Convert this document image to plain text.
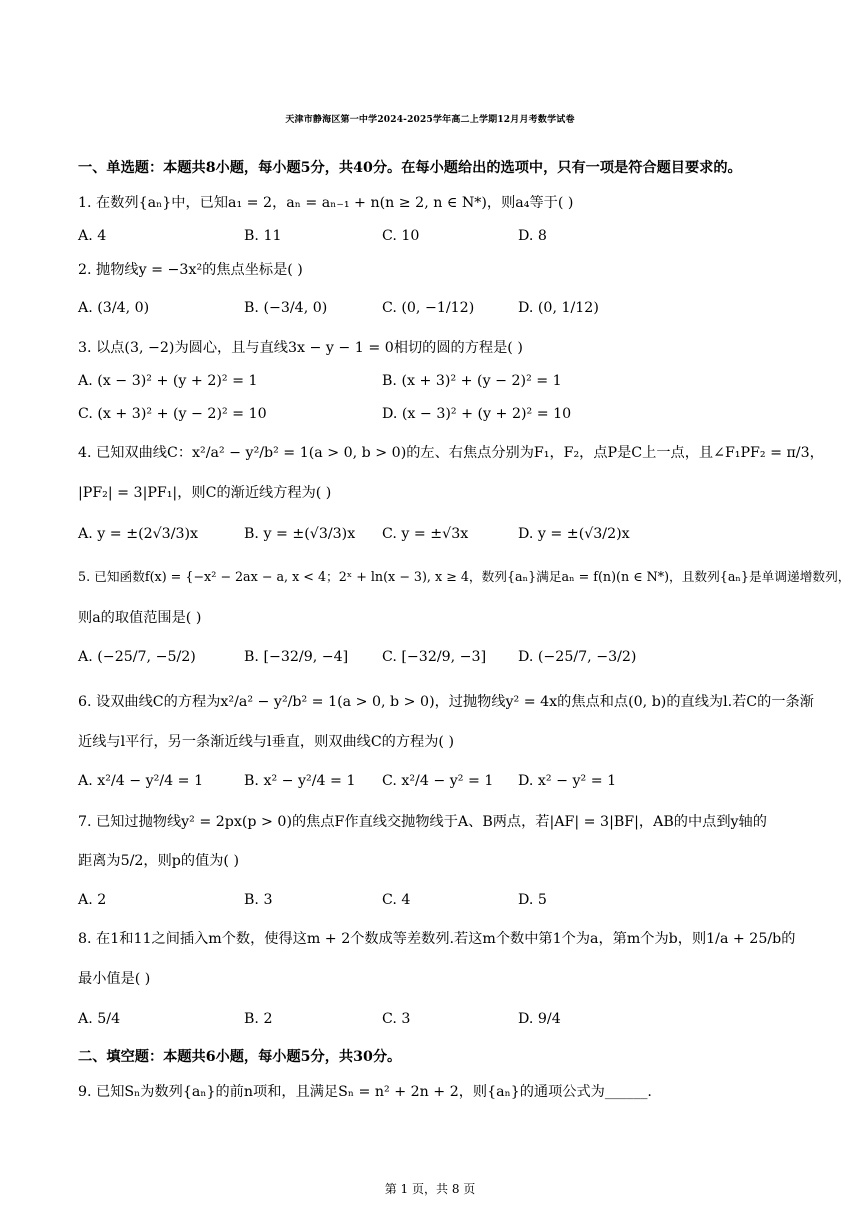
天津市静海区第一中学2024-2025学年高二上学期12月月考数学试卷
一、单选题：本题共8小题，每小题5分，共40分。在每小题给出的选项中，只有一项是符合题目要求的。
1. 在数列{aₙ}中，已知a₁ = 2，aₙ = aₙ₋₁ + n(n ≥ 2, n ∈ N*)，则a₄等于( )
A. 4	B. 11	C. 10	D. 8
2. 抛物线y = −3x²的焦点坐标是( )
A. (3/4, 0)	B. (−3/4, 0)	C. (0, −1/12)	D. (0, 1/12)
3. 以点(3, −2)为圆心，且与直线3x − y − 1 = 0相切的圆的方程是( )
A. (x − 3)² + (y + 2)² = 1	B. (x + 3)² + (y − 2)² = 1
C. (x + 3)² + (y − 2)² = 10	D. (x − 3)² + (y + 2)² = 10
4. 已知双曲线C：x²/a² − y²/b² = 1(a > 0, b > 0)的左、右焦点分别为F₁，F₂，点P是C上一点，且∠F₁PF₂ = π/3，
|PF₂| = 3|PF₁|，则C的渐近线方程为( )
A. y = ±(2√3/3)x	B. y = ±(√3/3)x C. y = ±√3x	D. y = ±(√3/2)x
5. 已知函数f(x) = {−x² − 2ax − a, x < 4；2ˣ + ln(x − 3), x ≥ 4，数列{aₙ}满足aₙ = f(n)(n ∈ N*)，且数列{aₙ}是单调递增数列，
则a的取值范围是( )
A. (−25/7, −5/2)	B. [−32/9, −4] C. [−32/9, −3] D. (−25/7, −3/2)
6. 设双曲线C的方程为x²/a² − y²/b² = 1(a > 0, b > 0)，过抛物线y² = 4x的焦点和点(0, b)的直线为l.若C的一条渐
近线与l平行，另一条渐近线与l垂直，则双曲线C的方程为( )
A. x²/4 − y²/4 = 1	B. x² − y²/4 = 1 C. x²/4 − y² = 1 D. x² − y² = 1
7. 已知过抛物线y² = 2px(p > 0)的焦点F作直线交抛物线于A、B两点，若|AF| = 3|BF|，AB的中点到y轴的
距离为5/2，则p的值为( )
A. 2	B. 3	C. 4	D. 5
8. 在1和11之间插入m个数，使得这m + 2个数成等差数列.若这m个数中第1个为a，第m个为b，则1/a + 25/b的
最小值是( )
A. 5/4	B. 2	C. 3	D. 9/4
二、填空题：本题共6小题，每小题5分，共30分。
9. 已知Sₙ为数列{aₙ}的前n项和，且满足Sₙ = n² + 2n + 2，则{aₙ}的通项公式为______.
第 1 页，共 8 页
